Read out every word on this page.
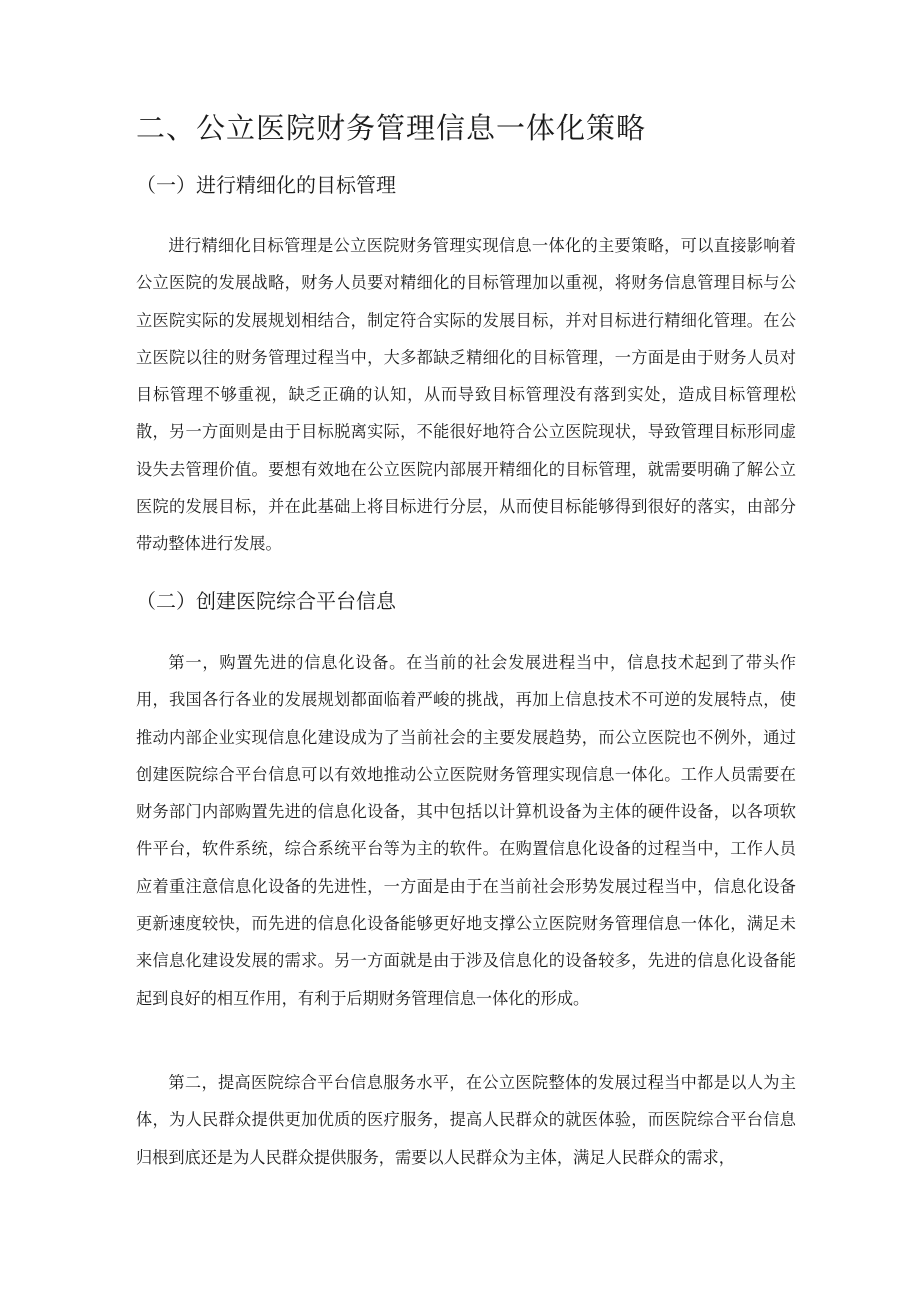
二、公立医院财务管理信息一体化策略
（一）进行精细化的目标管理

进行精细化目标管理是公立医院财务管理实现信息一体化的主要策略，可以直接影响着公立医院的发展战略，财务人员要对精细化的目标管理加以重视，将财务信息管理目标与公立医院实际的发展规划相结合，制定符合实际的发展目标，并对目标进行精细化管理。在公立医院以往的财务管理过程当中，大多都缺乏精细化的目标管理，一方面是由于财务人员对目标管理不够重视，缺乏正确的认知，从而导致目标管理没有落到实处，造成目标管理松散，另一方面则是由于目标脱离实际，不能很好地符合公立医院现状，导致管理目标形同虚设失去管理价值。要想有效地在公立医院内部展开精细化的目标管理，就需要明确了解公立医院的发展目标，并在此基础上将目标进行分层，从而使目标能够得到很好的落实，由部分带动整体进行发展。

（二）创建医院综合平台信息

第一，购置先进的信息化设备。在当前的社会发展进程当中，信息技术起到了带头作用，我国各行各业的发展规划都面临着严峻的挑战，再加上信息技术不可逆的发展特点，使推动内部企业实现信息化建设成为了当前社会的主要发展趋势，而公立医院也不例外，通过创建医院综合平台信息可以有效地推动公立医院财务管理实现信息一体化。工作人员需要在财务部门内部购置先进的信息化设备，其中包括以计算机设备为主体的硬件设备，以各项软件平台，软件系统，综合系统平台等为主的软件。在购置信息化设备的过程当中，工作人员应着重注意信息化设备的先进性，一方面是由于在当前社会形势发展过程当中，信息化设备更新速度较快，而先进的信息化设备能够更好地支撑公立医院财务管理信息一体化，满足未来信息化建设发展的需求。另一方面就是由于涉及信息化的设备较多，先进的信息化设备能起到良好的相互作用，有利于后期财务管理信息一体化的形成。

第二，提高医院综合平台信息服务水平，在公立医院整体的发展过程当中都是以人为主体，为人民群众提供更加优质的医疗服务，提高人民群众的就医体验，而医院综合平台信息归根到底还是为人民群众提供服务，需要以人民群众为主体，满足人民群众的需求，
